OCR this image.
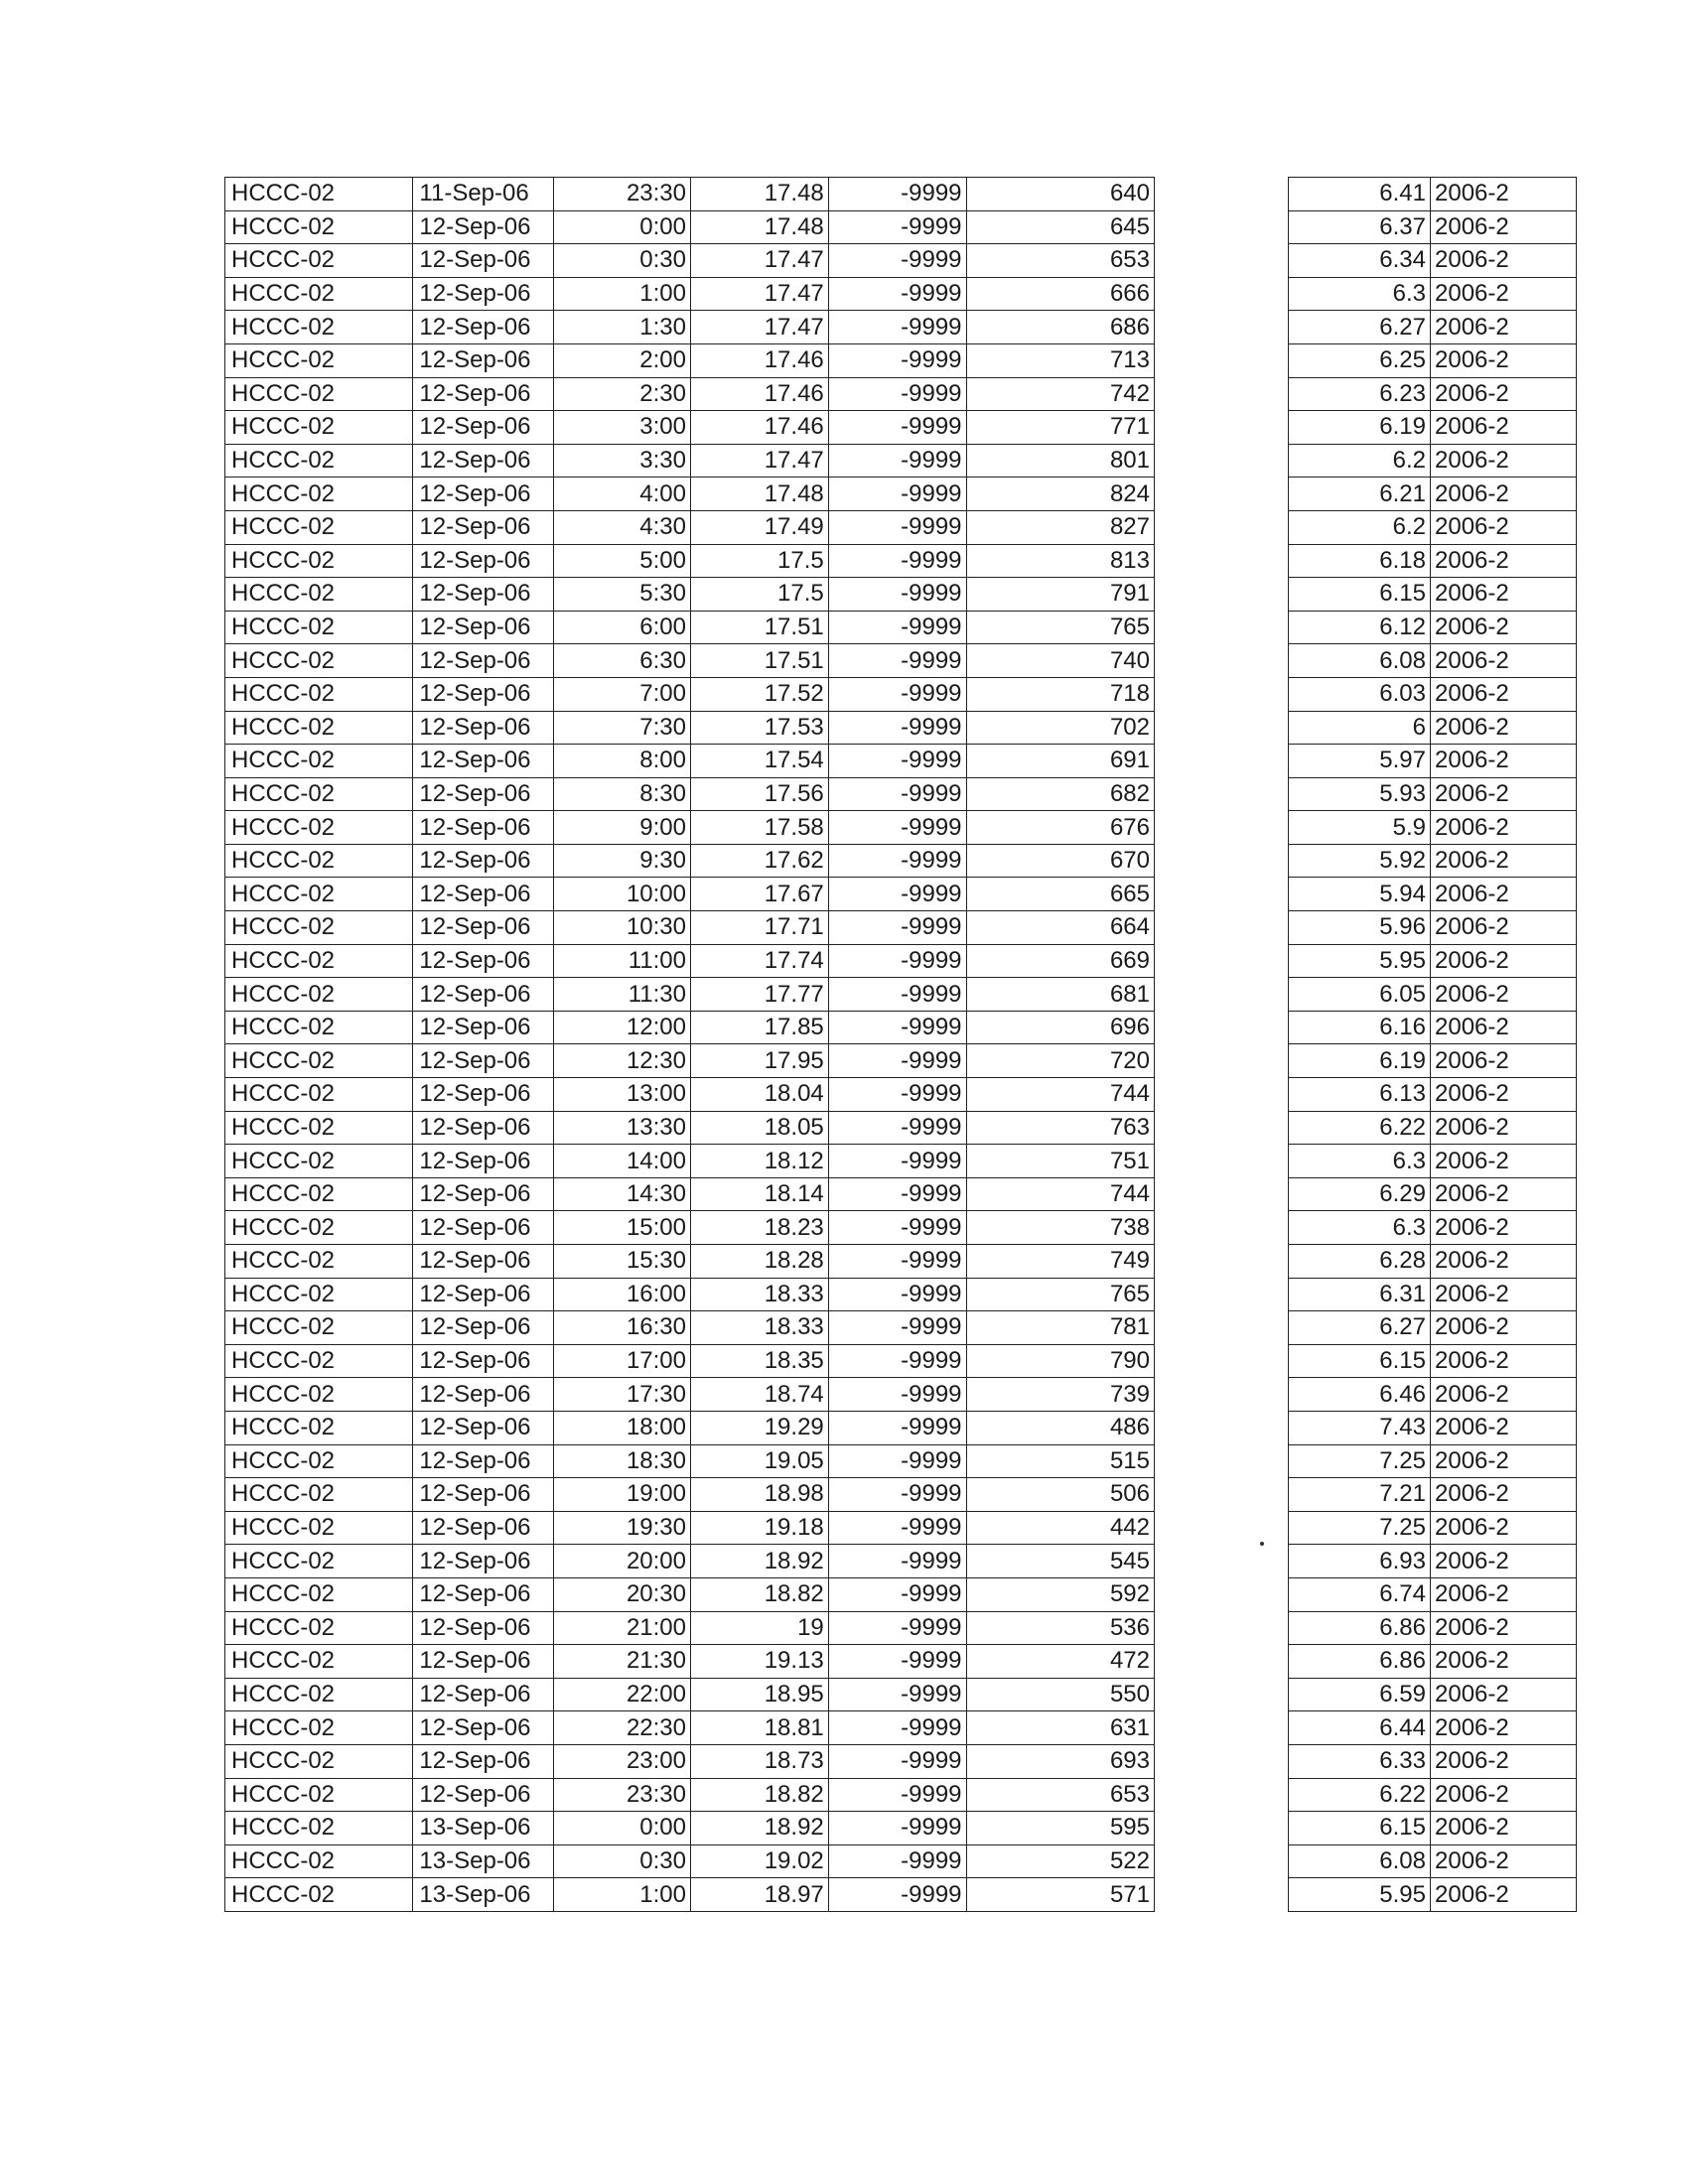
HCCC-02	11-Sep-06	23:30	17.48	-9999	640
HCCC-02	12-Sep-06	0:00	17.48	-9999	645
HCCC-02	12-Sep-06	0:30	17.47	-9999	653
HCCC-02	12-Sep-06	1:00	17.47	-9999	666
HCCC-02	12-Sep-06	1:30	17.47	-9999	686
HCCC-02	12-Sep-06	2:00	17.46	-9999	713
HCCC-02	12-Sep-06	2:30	17.46	-9999	742
HCCC-02	12-Sep-06	3:00	17.46	-9999	771
HCCC-02	12-Sep-06	3:30	17.47	-9999	801
HCCC-02	12-Sep-06	4:00	17.48	-9999	824
HCCC-02	12-Sep-06	4:30	17.49	-9999	827
HCCC-02	12-Sep-06	5:00	17.5	-9999	813
HCCC-02	12-Sep-06	5:30	17.5	-9999	791
HCCC-02	12-Sep-06	6:00	17.51	-9999	765
HCCC-02	12-Sep-06	6:30	17.51	-9999	740
HCCC-02	12-Sep-06	7:00	17.52	-9999	718
HCCC-02	12-Sep-06	7:30	17.53	-9999	702
HCCC-02	12-Sep-06	8:00	17.54	-9999	691
HCCC-02	12-Sep-06	8:30	17.56	-9999	682
HCCC-02	12-Sep-06	9:00	17.58	-9999	676
HCCC-02	12-Sep-06	9:30	17.62	-9999	670
HCCC-02	12-Sep-06	10:00	17.67	-9999	665
HCCC-02	12-Sep-06	10:30	17.71	-9999	664
HCCC-02	12-Sep-06	11:00	17.74	-9999	669
HCCC-02	12-Sep-06	11:30	17.77	-9999	681
HCCC-02	12-Sep-06	12:00	17.85	-9999	696
HCCC-02	12-Sep-06	12:30	17.95	-9999	720
HCCC-02	12-Sep-06	13:00	18.04	-9999	744
HCCC-02	12-Sep-06	13:30	18.05	-9999	763
HCCC-02	12-Sep-06	14:00	18.12	-9999	751
HCCC-02	12-Sep-06	14:30	18.14	-9999	744
HCCC-02	12-Sep-06	15:00	18.23	-9999	738
HCCC-02	12-Sep-06	15:30	18.28	-9999	749
HCCC-02	12-Sep-06	16:00	18.33	-9999	765
HCCC-02	12-Sep-06	16:30	18.33	-9999	781
HCCC-02	12-Sep-06	17:00	18.35	-9999	790
HCCC-02	12-Sep-06	17:30	18.74	-9999	739
HCCC-02	12-Sep-06	18:00	19.29	-9999	486
HCCC-02	12-Sep-06	18:30	19.05	-9999	515
HCCC-02	12-Sep-06	19:00	18.98	-9999	506
HCCC-02	12-Sep-06	19:30	19.18	-9999	442
HCCC-02	12-Sep-06	20:00	18.92	-9999	545
HCCC-02	12-Sep-06	20:30	18.82	-9999	592
HCCC-02	12-Sep-06	21:00	19	-9999	536
HCCC-02	12-Sep-06	21:30	19.13	-9999	472
HCCC-02	12-Sep-06	22:00	18.95	-9999	550
HCCC-02	12-Sep-06	22:30	18.81	-9999	631
HCCC-02	12-Sep-06	23:00	18.73	-9999	693
HCCC-02	12-Sep-06	23:30	18.82	-9999	653
HCCC-02	13-Sep-06	0:00	18.92	-9999	595
HCCC-02	13-Sep-06	0:30	19.02	-9999	522
HCCC-02	13-Sep-06	1:00	18.97	-9999	571
6.41	2006-2
6.37	2006-2
6.34	2006-2
6.3	2006-2
6.27	2006-2
6.25	2006-2
6.23	2006-2
6.19	2006-2
6.2	2006-2
6.21	2006-2
6.2	2006-2
6.18	2006-2
6.15	2006-2
6.12	2006-2
6.08	2006-2
6.03	2006-2
6	2006-2
5.97	2006-2
5.93	2006-2
5.9	2006-2
5.92	2006-2
5.94	2006-2
5.96	2006-2
5.95	2006-2
6.05	2006-2
6.16	2006-2
6.19	2006-2
6.13	2006-2
6.22	2006-2
6.3	2006-2
6.29	2006-2
6.3	2006-2
6.28	2006-2
6.31	2006-2
6.27	2006-2
6.15	2006-2
6.46	2006-2
7.43	2006-2
7.25	2006-2
7.21	2006-2
7.25	2006-2
6.93	2006-2
6.74	2006-2
6.86	2006-2
6.86	2006-2
6.59	2006-2
6.44	2006-2
6.33	2006-2
6.22	2006-2
6.15	2006-2
6.08	2006-2
5.95	2006-2
